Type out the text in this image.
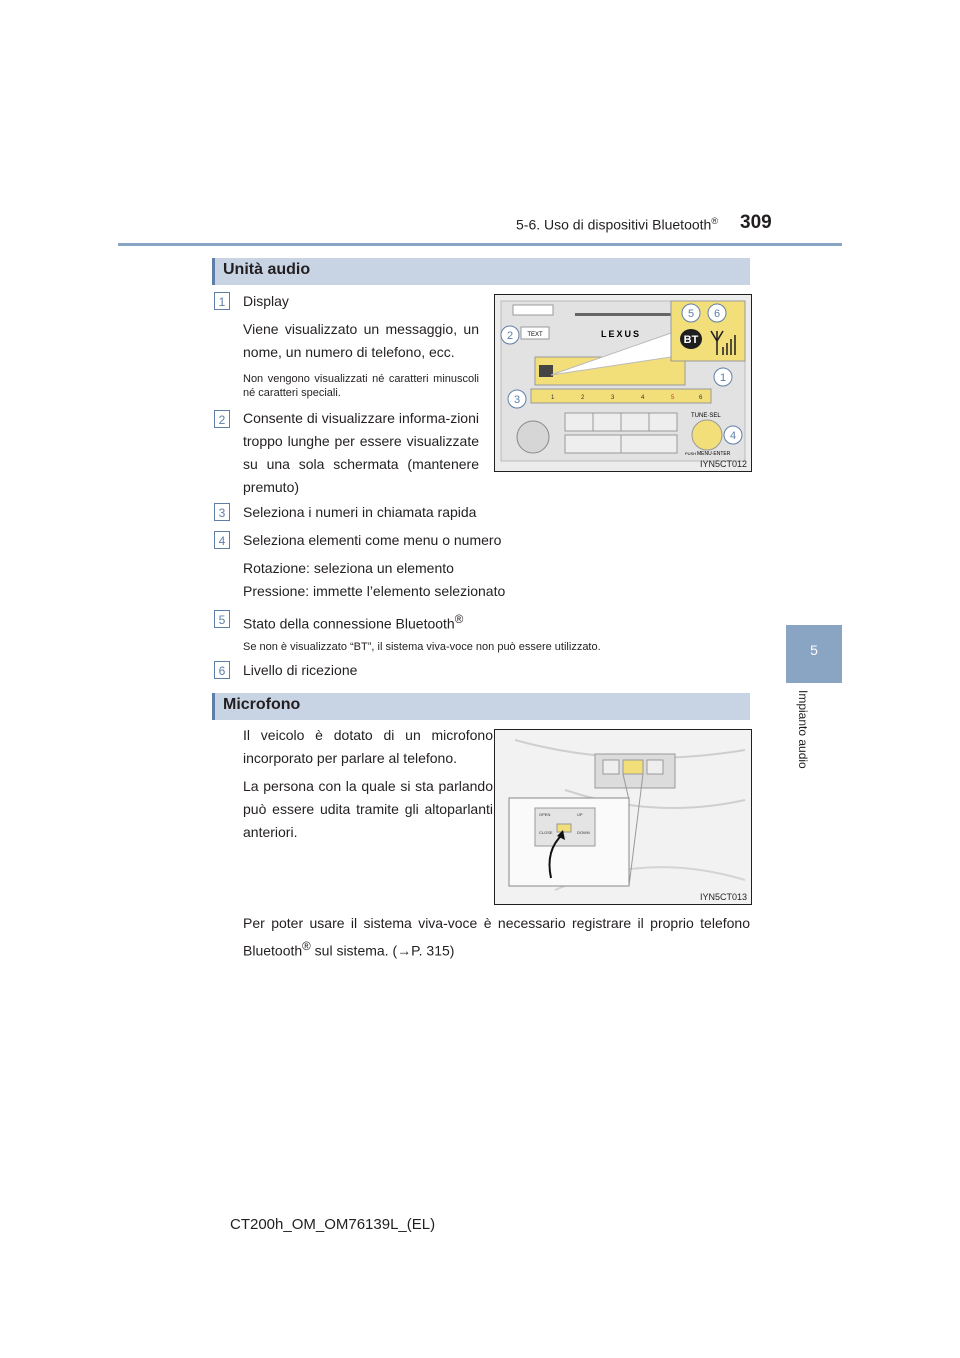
5-6. Uso di dispositivi Bluetooth® 309
5
Impianto audio
Unità audio
1	Display
Viene visualizzato un messaggio, un nome, un numero di telefono, ecc.
Non vengono visualizzati né caratteri minuscoli né caratteri speciali.
2	Consente di visualizzare informa-zioni troppo lunghe per essere visualizzate su una sola schermata (mantenere premuto)
TEXT	LEXUS	BT
1	2	3	4	5	6
TUNE·SEL
PUSH MENU·ENTER
5 6
2
1
3
4
IYN5CT012
3	Seleziona i numeri in chiamata rapida
4	Seleziona elementi come menu o numero
Rotazione: seleziona un elemento
Pressione: immette l’elemento selezionato
5	Stato della connessione Bluetooth®
Se non è visualizzato “BT”, il sistema viva-voce non può essere utilizzato.
6	Livello di ricezione
Microfono
Il veicolo è dotato di un microfono incorporato per parlare al telefono.
La persona con la quale si sta parlando può essere udita tramite gli altoparlanti anteriori.
OPEN	UP
CLOSE	DOWN
IYN5CT013
Per poter usare il sistema viva-voce è necessario registrare il proprio telefono Bluetooth® sul sistema. (→P. 315)
CT200h_OM_OM76139L_(EL)
